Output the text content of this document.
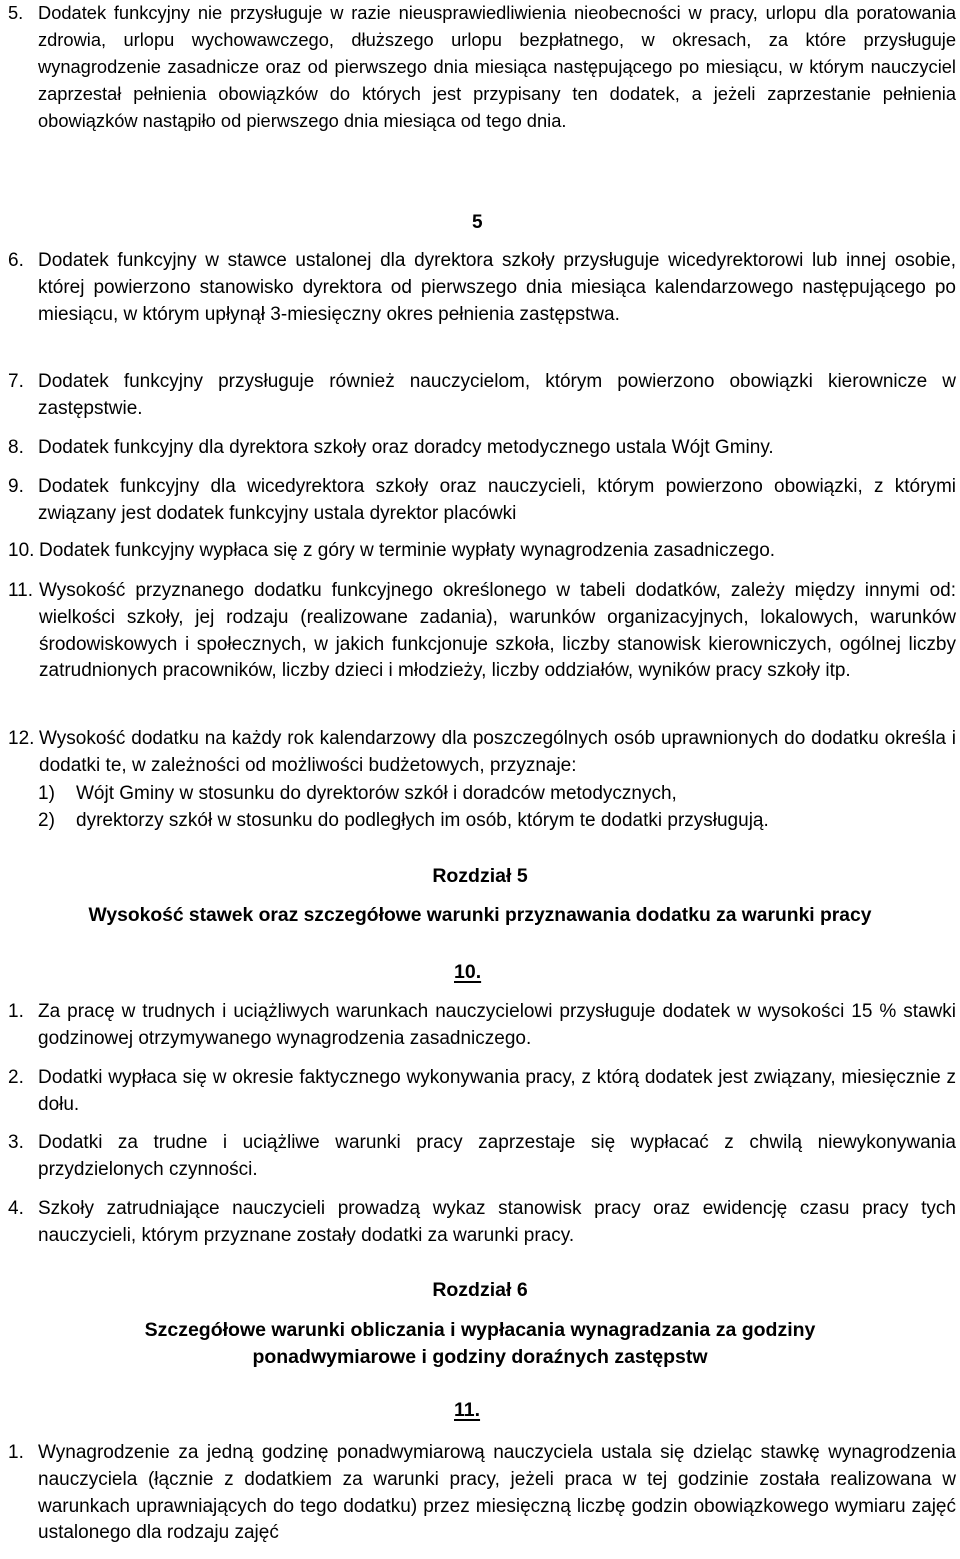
5. Dodatek funkcyjny nie przysługuje w razie nieusprawiedliwienia nieobecności w pracy, urlopu dla poratowania zdrowia, urlopu wychowawczego, dłuższego urlopu bezpłatnego, w okresach, za które przysługuje wynagrodzenie zasadnicze oraz od pierwszego dnia miesiąca następującego po miesiącu, w którym nauczyciel zaprzestał pełnienia obowiązków do których jest przypisany ten dodatek, a jeżeli zaprzestanie pełnienia obowiązków nastąpiło od pierwszego dnia miesiąca od tego dnia.
5
6. Dodatek funkcyjny w stawce ustalonej dla dyrektora szkoły przysługuje wicedyrektorowi lub innej osobie, której powierzono stanowisko dyrektora od pierwszego dnia miesiąca kalendarzowego następującego po miesiącu, w którym upłynął 3-miesięczny okres pełnienia zastępstwa.
7. Dodatek funkcyjny przysługuje również nauczycielom, którym powierzono obowiązki kierownicze w zastępstwie.
8. Dodatek funkcyjny dla dyrektora szkoły oraz doradcy metodycznego ustala Wójt Gminy.
9. Dodatek funkcyjny dla wicedyrektora szkoły oraz nauczycieli, którym powierzono obowiązki, z którymi związany jest dodatek funkcyjny ustala dyrektor placówki
10. Dodatek funkcyjny wypłaca się z góry w terminie wypłaty wynagrodzenia zasadniczego.
11. Wysokość przyznanego dodatku funkcyjnego określonego w tabeli dodatków, zależy między innymi od: wielkości szkoły, jej rodzaju (realizowane zadania), warunków organizacyjnych, lokalowych, warunków środowiskowych i społecznych, w jakich funkcjonuje szkoła, liczby stanowisk kierowniczych, ogólnej liczby zatrudnionych pracowników, liczby dzieci i młodzieży, liczby oddziałów, wyników pracy szkoły itp.
12. Wysokość dodatku na każdy rok kalendarzowy dla poszczególnych osób uprawnionych do dodatku określa i dodatki te, w zależności od możliwości budżetowych, przyznaje:
1) Wójt Gminy w stosunku do dyrektorów szkół i doradców metodycznych,
2) dyrektorzy szkół w stosunku do podległych im osób, którym te dodatki przysługują.
Rozdział 5
Wysokość stawek oraz szczegółowe warunki przyznawania dodatku za warunki pracy
10.
1. Za pracę w trudnych i uciążliwych warunkach nauczycielowi przysługuje dodatek w wysokości 15 % stawki godzinowej otrzymywanego wynagrodzenia zasadniczego.
2. Dodatki wypłaca się w okresie faktycznego wykonywania pracy, z którą dodatek jest związany, miesięcznie z dołu.
3. Dodatki za trudne i uciążliwe warunki pracy zaprzestaje się wypłacać z chwilą niewykonywania przydzielonych czynności.
4. Szkoły zatrudniające nauczycieli prowadzą wykaz stanowisk pracy oraz ewidencję czasu pracy tych nauczycieli, którym przyznane zostały dodatki za warunki pracy.
Rozdział 6
Szczegółowe warunki obliczania i wypłacania wynagradzania za godziny
ponadwymiarowe i godziny doraźnych zastępstw
11.
1. Wynagrodzenie za jedną godzinę ponadwymiarową nauczyciela ustala się dzieląc stawkę wynagrodzenia nauczyciela (łącznie z dodatkiem za warunki pracy, jeżeli praca w tej godzinie została realizowana w warunkach uprawniających do tego dodatku) przez miesięczną liczbę godzin obowiązkowego wymiaru zajęć ustalonego dla rodzaju zajęć
